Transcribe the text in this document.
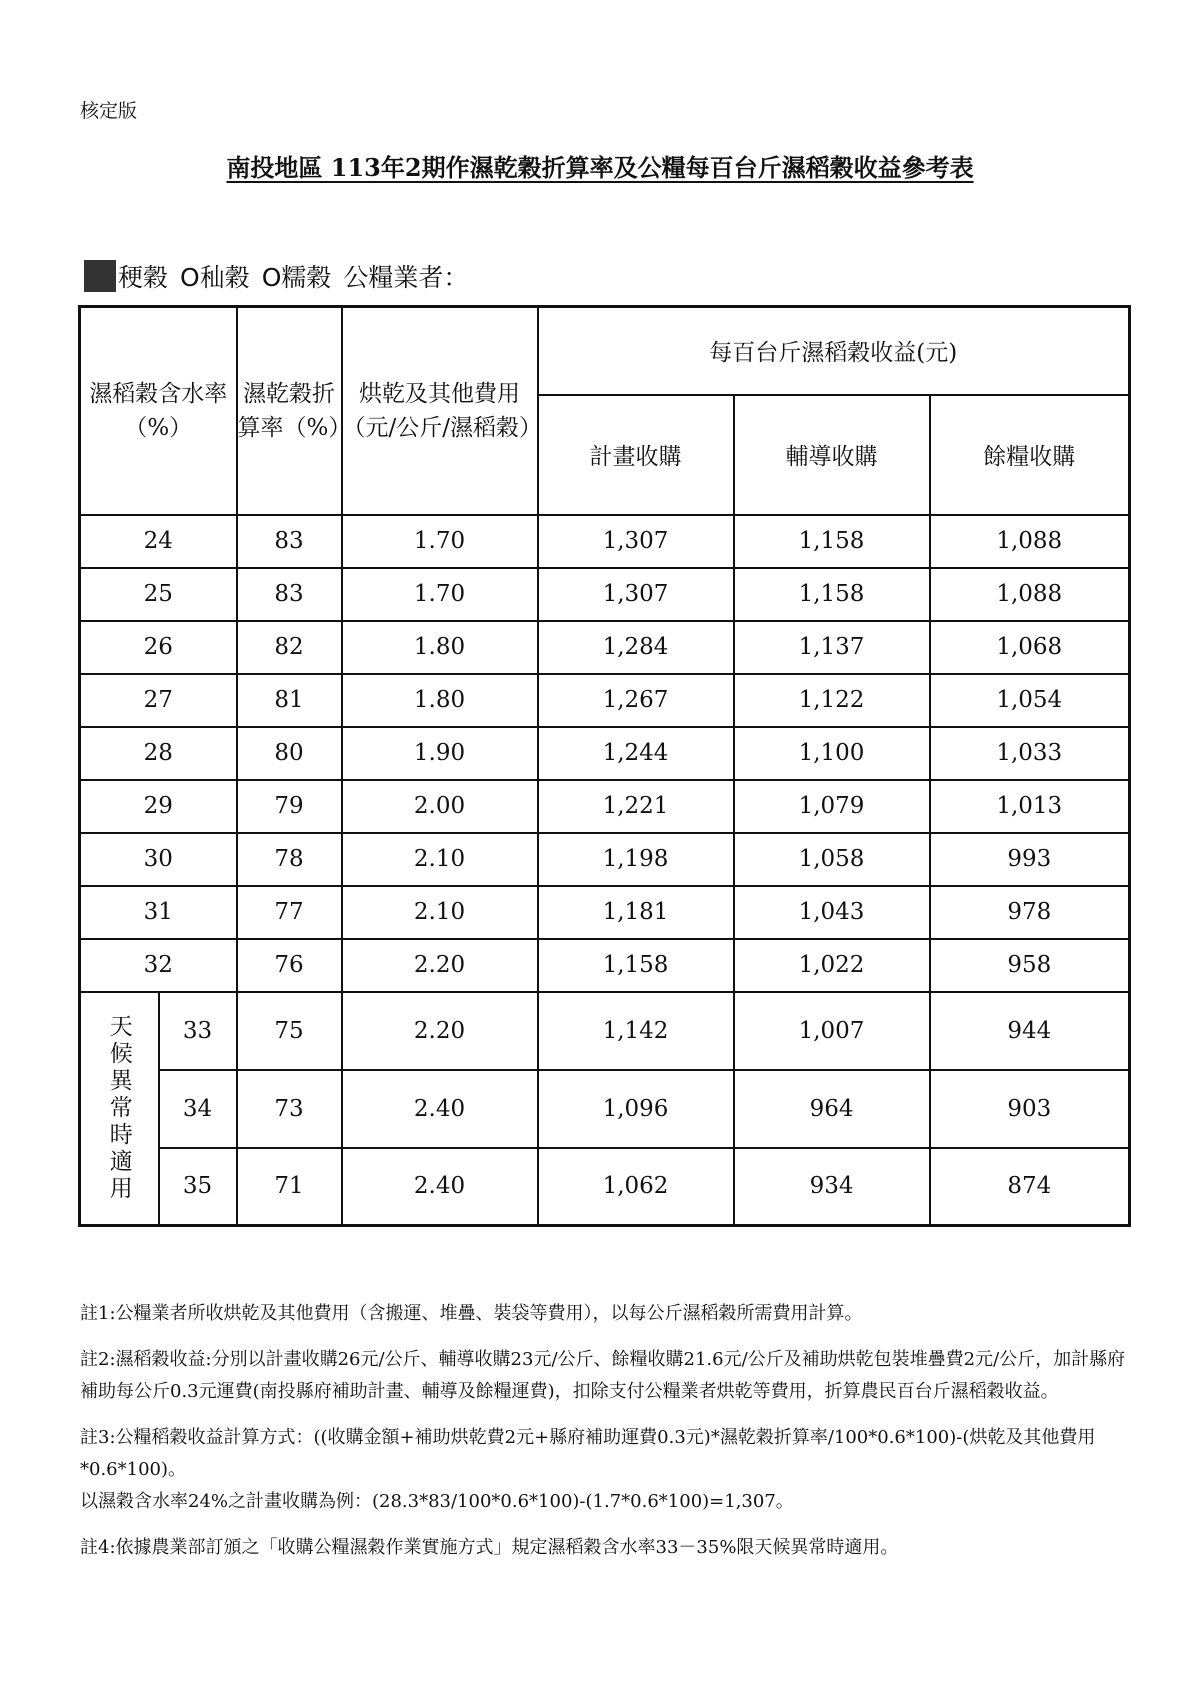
核定版
南投地區 113年2期作濕乾穀折算率及公糧每百台斤濕稻穀收益參考表
稉穀 O秈穀 O糯穀 公糧業者：
濕稻穀含水率（%）		濕乾穀折算率（%）	烘乾及其他費用（元/公斤/濕稻穀）	每百台斤濕稻穀收益(元)		
				計畫收購	輔導收購	餘糧收購
24		83	1.70	1,307	1,158	1,088
25		83	1.70	1,307	1,158	1,088
26		82	1.80	1,284	1,137	1,068
27		81	1.80	1,267	1,122	1,054
28		80	1.90	1,244	1,100	1,033
29		79	2.00	1,221	1,079	1,013
30		78	2.10	1,198	1,058	993
31		77	2.10	1,181	1,043	978
32		76	2.20	1,158	1,022	958

天候異常時適用	33	75	2.20	1,142	1,007	944
	34	73	2.40	1,096	964	903
	35	71	2.40	1,062	934	874

註1:公糧業者所收烘乾及其他費用（含搬運、堆疊、裝袋等費用），以每公斤濕稻穀所需費用計算。

註2:濕稻穀收益:分別以計畫收購26元/公斤、輔導收購23元/公斤、餘糧收購21.6元/公斤及補助烘乾包裝堆疊費2元/公斤，加計縣府補助每公斤0.3元運費(南投縣府補助計畫、輔導及餘糧運費)，扣除支付公糧業者烘乾等費用，折算農民百台斤濕稻穀收益。

註3:公糧稻穀收益計算方式：((收購金額+補助烘乾費2元+縣府補助運費0.3元)*濕乾穀折算率/100*0.6*100)-(烘乾及其他費用*0.6*100)。

以濕穀含水率24%之計畫收購為例：(28.3*83/100*0.6*100)-(1.7*0.6*100)=1,307。

註4:依據農業部訂頒之「收購公糧濕穀作業實施方式」規定濕稻穀含水率33－35%限天候異常時適用。
